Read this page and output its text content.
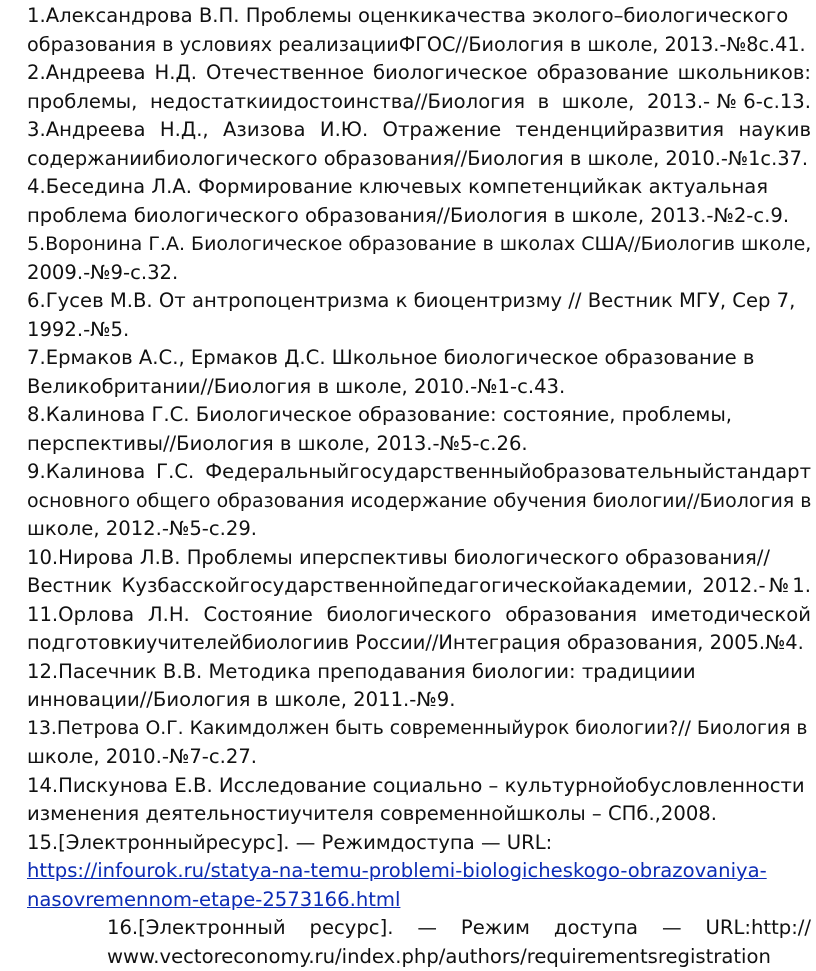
1.Александрова В.П. Проблемы оценкикачества эколого–биологического
образования в условиях реализацииФГОС//Биология в школе, 2013.-№8с.41.
2.Андреева Н.Д. Отечественное биологическое образование школьников:
проблемы, недостаткиидостоинства//Биология в школе, 2013.-№6-с.13.
3.Андреева Н.Д., Азизова И.Ю. Отражение тенденцийразвития наукив
содержаниибиологического образования//Биология в школе, 2010.-№1с.37.
4.Беседина Л.А. Формирование ключевых компетенцийкак актуальная
проблема биологического образования//Биология в школе, 2013.-№2-с.9.
5.Воронина Г.А. Биологическое образование в школах США//Биологив школе,
2009.-№9-с.32.
6.Гусев М.В. От антропоцентризма к биоцентризму // Вестник МГУ, Сер 7,
1992.-№5.
7.Ермаков А.С., Ермаков Д.С. Школьное биологическое образование в
Великобритании//Биология в школе, 2010.-№1-с.43.
8.Калинова Г.С. Биологическое образование: состояние, проблемы,
перспективы//Биология в школе, 2013.-№5-с.26.
9.Калинова Г.С. Федеральныйгосударственныйобразовательныйстандарт
основного общего образования исодержание обучения биологии//Биология в
школе, 2012.-№5-с.29.
10.Нирова Л.В. Проблемы иперспективы биологического образования//
Вестник Кузбасскойгосударственнойпедагогическойакадемии, 2012.-№1.
11.Орлова Л.Н. Состояние биологического образования иметодической
подготовкиучителейбиологиив России//Интеграция образования, 2005.№4.
12.Пасечник В.В. Методика преподавания биологии: традициии
инновации//Биология в школе, 2011.-№9.
13.Петрова О.Г. Какимдолжен быть современныйурок биологии?// Биология в
школе, 2010.-№7-с.27.
14.Пискунова Е.В. Исследование социально – культурнойобусловленности
изменения деятельностиучителя современнойшколы – СПб.,2008.
15.[Электронныйресурс]. — Режимдоступа — URL:
https://infourok.ru/statya-na-temu-problemi-biologicheskogo-obrazovaniya-
nasovremennom-etape-2573166.html
16.[Электронный ресурс]. — Режим доступа — URL:http://
www.vectoreconomy.ru/index.php/authors/requirementsregistration
